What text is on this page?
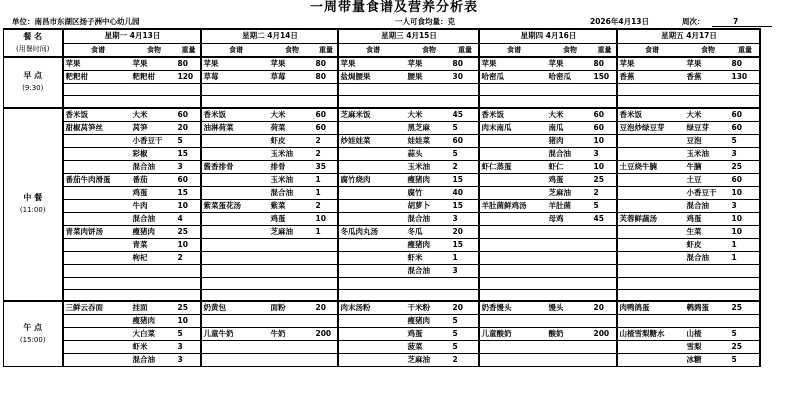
一周带量食谱及营养分析表
单位：南昌市东湖区扬子洲中心幼儿园	一人可食均量：克	2026年4月13日	周次：	7
餐 名
(用餐时间)	星期一 4月13日			星期二 4月14日			星期三 4月15日			星期四 4月16日			星期五 4月17日		
	食谱	食物	重量	食谱	食物	重量	食谱	食物	重量	食谱	食物	重量	食谱	食物	重量

早 点
(9:30)	苹果	苹果	80	苹果	苹果	80	苹果	苹果	80	苹果	苹果	80	苹果	苹果	80
	粑粑柑	粑粑柑	120	草莓	草莓	80	盐焗腰果	腰果	30	哈密瓜	哈密瓜	150	香蕉	香蕉	130

中 餐
(11:00)	香米饭	大米	60	香米饭	大米	60	芝麻米饭	大米	45	香米饭	大米	60	香米饭	大米	60
	甜椒莴笋丝	莴笋	20	油淋荷菜	荷菜	60		黑芝麻	5	肉末南瓜	南瓜	60	豆泡炒绿豆芽	绿豆芽	60
		小香豆干	5		虾皮	2	炒娃娃菜	娃娃菜	60		猪肉	10		豆泡	5
		彩椒	15		玉米油	2		蒜头	5		混合油	3		玉米油	3
		混合油	3	酱香排骨	排骨	35		玉米油	2	虾仁蒸蛋	虾仁	10	土豆烧牛腩	牛腩	25
	番茄牛肉滑蛋	番茄	60		玉米油	1	腐竹烧肉	瘦猪肉	15		鸡蛋	25		土豆	60
		鸡蛋	15		混合油	1		腐竹	40		芝麻油	2		小香豆干	10
		牛肉	10	紫菜蛋花汤	紫菜	2		胡萝卜	15	羊肚菌鲜鸡汤	羊肚菌	5		混合油	3
		混合油	4		鸡蛋	10		混合油	3		母鸡	45	芙蓉鲜蔬汤	鸡蛋	10
	青菜肉饼汤	瘦猪肉	25		芝麻油	1	冬瓜肉丸汤	冬瓜	20					生菜	10
		青菜	10					瘦猪肉	15					虾皮	1
		枸杞	2					虾米	1					混合油	1
								混合油	3						

午 点
(15:00)	三鲜云吞面	挂面	25	奶黄包	面粉	20	肉末汤粉	干米粉	20	奶香馒头	馒头	20	肉鸭鸽蛋	鹌鹑蛋	25
		瘦猪肉	10					瘦猪肉	5						
		大白菜	5	儿童牛奶	牛奶	200		鸡蛋	5	儿童酸奶	酸奶	200	山楂雪梨糖水	山楂	5
		虾米	3					菠菜	5					雪梨	25
		混合油	3					芝麻油	2					冰糖	5
